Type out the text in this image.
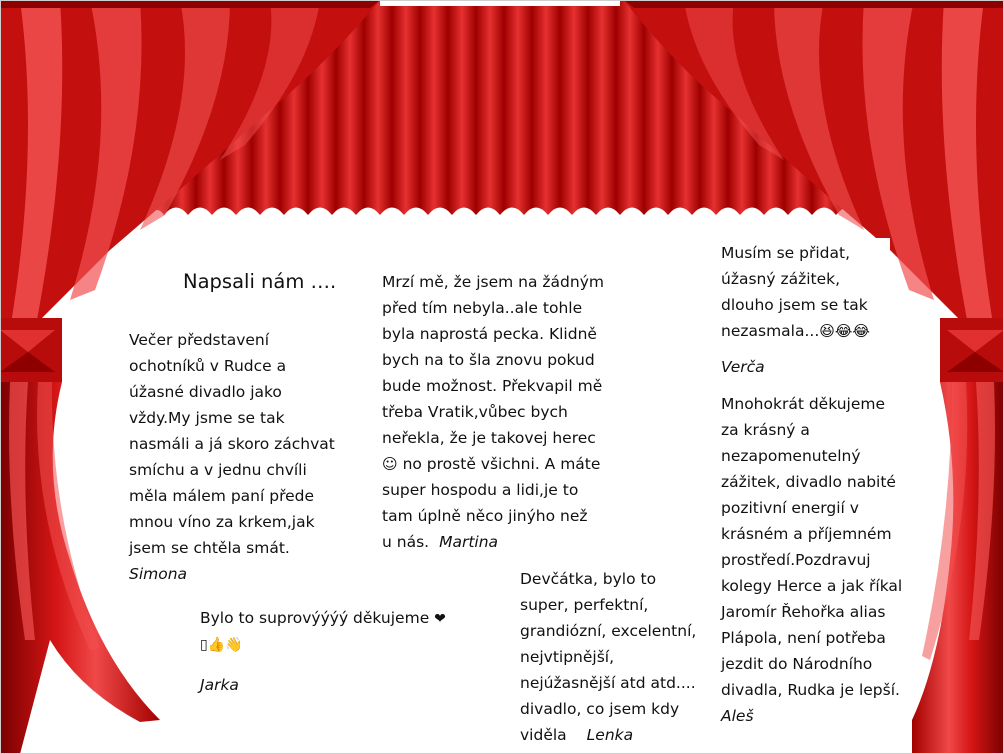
Napsali nám ….

Večer představení

ochotníků v Rudce a

úžasné divadlo jako

vždy.My jsme se tak

nasmáli a já skoro záchvat

smíchu a v jednu chvíli

měla málem paní přede

mnou víno za krkem,jak

jsem se chtěla smát.

Simona

Mrzí mě, že jsem na žádným

před tím nebyla..ale tohle

byla naprostá pecka. Klidně

bych na to šla znovu pokud

bude možnost. Překvapil mě

třeba Vratik,vůbec bych

neřekla, že je takovej herec

☺ no prostě všichni. A máte

super hospodu a lidi,je to

tam úplně něco jinýho než

u nás. Martina

Bylo to suprovýýýý děkujeme ❤

▯👍👋

Jarka

Devčátka, bylo to

super, perfektní,

grandiózní, excelentní,

nejvtipnější,

nejúžasnější atd atd....

divadlo, co jsem kdy

viděla Lenka

Musím se přidat,

úžasný zážitek,

dlouho jsem se tak

nezasmala...😆😂😂

Verča

Mnohokrát děkujeme

za krásný a

nezapomenutelný

zážitek, divadlo nabité

pozitivní energií v

krásném a příjemném

prostředí.Pozdravuj

kolegy Herce a jak říkal

Jaromír Řehořka alias

Plápola, není potřeba

jezdit do Národního

divadla, Rudka je lepší.

Aleš
